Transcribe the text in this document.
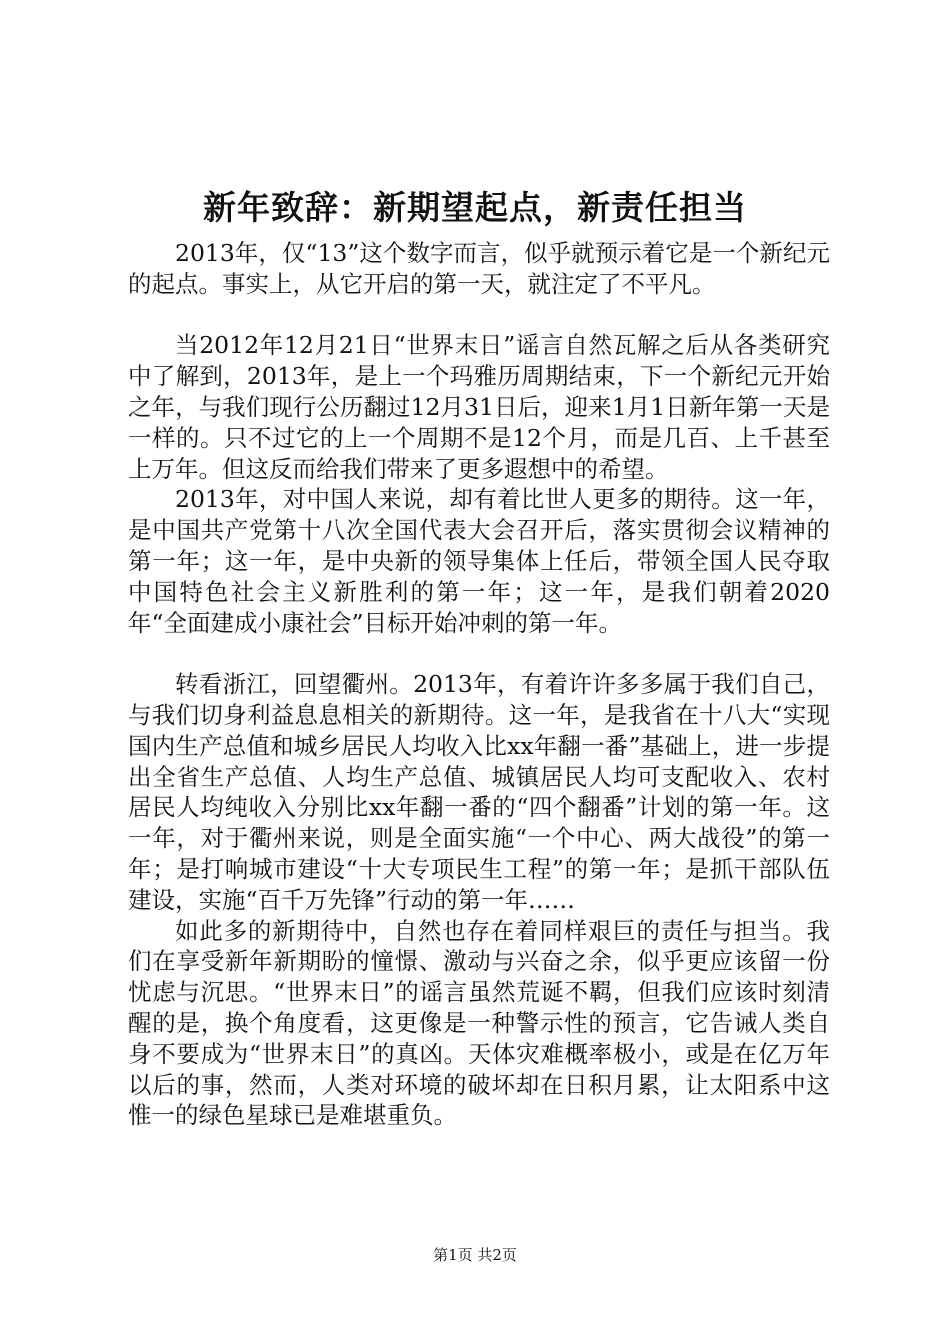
新年致辞：新期望起点，新责任担当

2013年，仅“13”这个数字而言，似乎就预示着它是一个新纪元的起点。事实上，从它开启的第一天，就注定了不平凡。

当2012年12月21日“世界末日”谣言自然瓦解之后从各类研究中了解到，2013年，是上一个玛雅历周期结束，下一个新纪元开始之年，与我们现行公历翻过12月31日后，迎来1月1日新年第一天是一样的。只不过它的上一个周期不是12个月，而是几百、上千甚至上万年。但这反而给我们带来了更多遐想中的希望。

2013年，对中国人来说，却有着比世人更多的期待。这一年，是中国共产党第十八次全国代表大会召开后，落实贯彻会议精神的第一年；这一年，是中央新的领导集体上任后，带领全国人民夺取中国特色社会主义新胜利的第一年；这一年，是我们朝着2020年“全面建成小康社会”目标开始冲刺的第一年。

转看浙江，回望衢州。2013年，有着许许多多属于我们自己，与我们切身利益息息相关的新期待。这一年，是我省在十八大“实现国内生产总值和城乡居民人均收入比xx年翻一番”基础上，进一步提出全省生产总值、人均生产总值、城镇居民人均可支配收入、农村居民人均纯收入分别比xx年翻一番的“四个翻番”计划的第一年。这一年，对于衢州来说，则是全面实施“一个中心、两大战役”的第一年；是打响城市建设“十大专项民生工程”的第一年；是抓干部队伍建设，实施“百千万先锋”行动的第一年……

如此多的新期待中，自然也存在着同样艰巨的责任与担当。我们在享受新年新期盼的憧憬、激动与兴奋之余，似乎更应该留一份忧虑与沉思。“世界末日”的谣言虽然荒诞不羁，但我们应该时刻清醒的是，换个角度看，这更像是一种警示性的预言，它告诫人类自身不要成为“世界末日”的真凶。天体灾难概率极小，或是在亿万年以后的事，然而，人类对环境的破坏却在日积月累，让太阳系中这惟一的绿色星球已是难堪重负。

第1页 共2页
